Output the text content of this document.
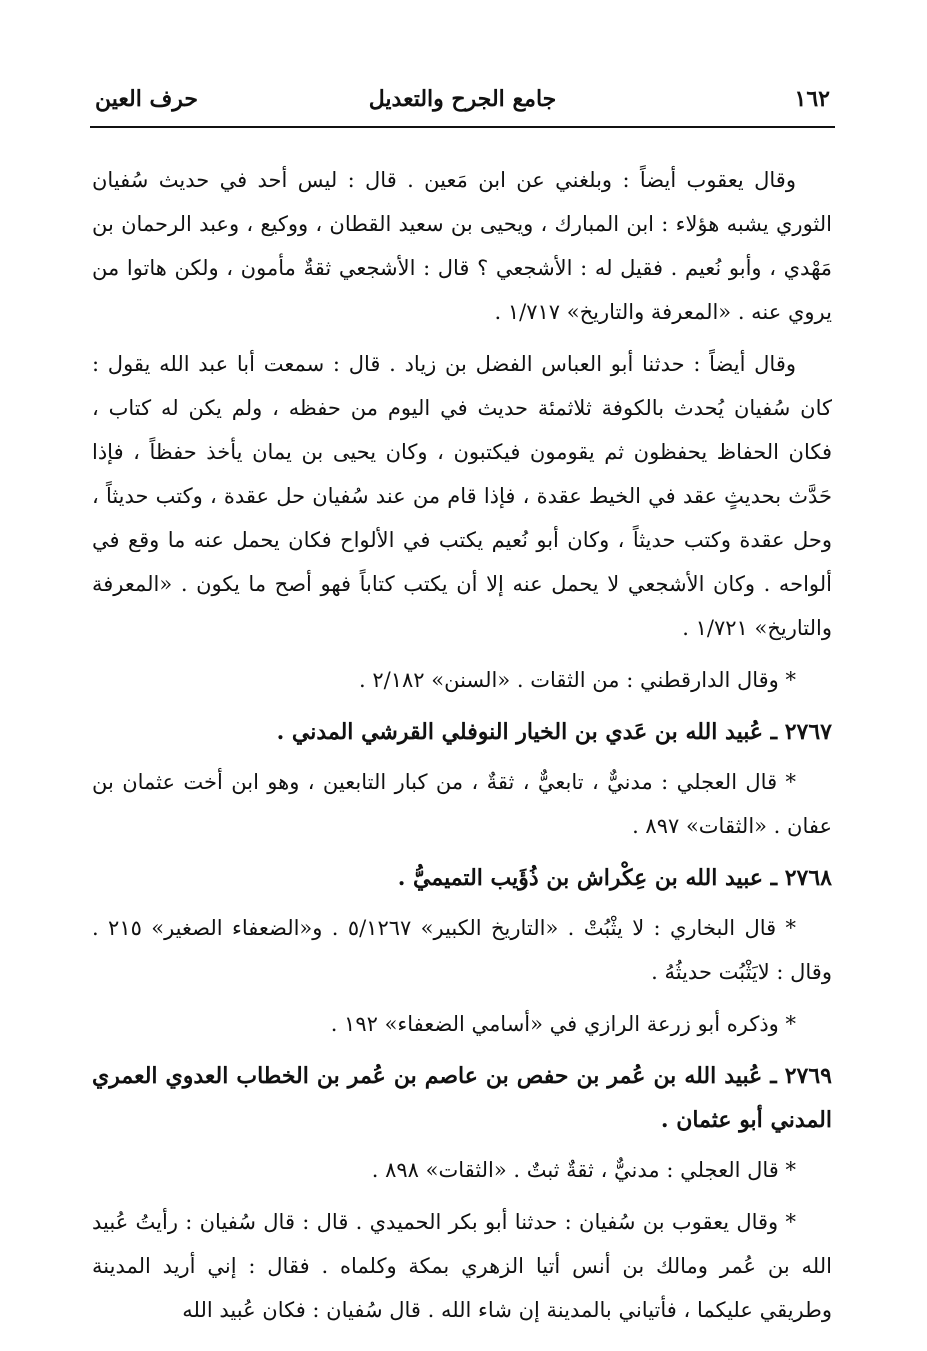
١٦٢
جامع الجرح والتعديل
حرف العين

وقال يعقوب أيضاً : وبلغني عن ابن مَعين . قال : ليس أحد في حديث سُفيان الثوري يشبه هؤلاء : ابن المبارك ، ويحيى بن سعيد القطان ، ووكيع ، وعبد الرحمان بن مَهْدي ، وأبو نُعيم . فقيل له : الأشجعي ؟ قال : الأشجعي ثقةٌ مأمون ، ولكن هاتوا من يروي عنه . «المعرفة والتاريخ» ١/٧١٧ .

وقال أيضاً : حدثنا أبو العباس الفضل بن زياد . قال : سمعت أبا عبد الله يقول : كان سُفيان يُحدث بالكوفة ثلاثمئة حديث في اليوم من حفظه ، ولم يكن له كتاب ، فكان الحفاظ يحفظون ثم يقومون فيكتبون ، وكان يحيى بن يمان يأخذ حفظاً ، فإذا حَدَّث بحديثٍ عقد في الخيط عقدة ، فإذا قام من عند سُفيان حل عقدة ، وكتب حديثاً ، وحل عقدة وكتب حديثاً ، وكان أبو نُعيم يكتب في الألواح فكان يحمل عنه ما وقع في ألواحه . وكان الأشجعي لا يحمل عنه إلا أن يكتب كتاباً فهو أصح ما يكون . «المعرفة والتاريخ» ١/٧٢١ .

* وقال الدارقطني : من الثقات . «السنن» ٢/١٨٢ .

٢٧٦٧ ـ عُبيد الله بن عَدي بن الخيار النوفلي القرشي المدني .

* قال العجلي : مدنيٌّ ، تابعيٌّ ، ثقةٌ ، من كبار التابعين ، وهو ابن أخت عثمان بن عفان . «الثقات» ٨٩٧ .

٢٧٦٨ ـ عبيد الله بن عِكْراش بن ذُؤَيب التميميُّ .

* قال البخاري : لا يثْبُتْ . «التاريخ الكبير» ٥/١٢٦٧ . و«الضعفاء الصغير» ٢١٥ . وقال : لايَثْبُت حديثُهُ .

* وذكره أبو زرعة الرازي في «أسامي الضعفاء» ١٩٢ .

٢٧٦٩ ـ عُبيد الله بن عُمر بن حفص بن عاصم بن عُمر بن الخطاب العدوي العمري المدني أبو عثمان .

* قال العجلي : مدنيٌّ ، ثقةٌ ثبتٌ . «الثقات» ٨٩٨ .

* وقال يعقوب بن سُفيان : حدثنا أبو بكر الحميدي . قال : قال سُفيان : رأيتُ عُبيد الله بن عُمر ومالك بن أنس أتيا الزهري بمكة وكلماه . فقال : إني أريد المدينة وطريقي عليكما ، فأتياني بالمدينة إن شاء الله . قال سُفيان : فكان عُبيد الله
